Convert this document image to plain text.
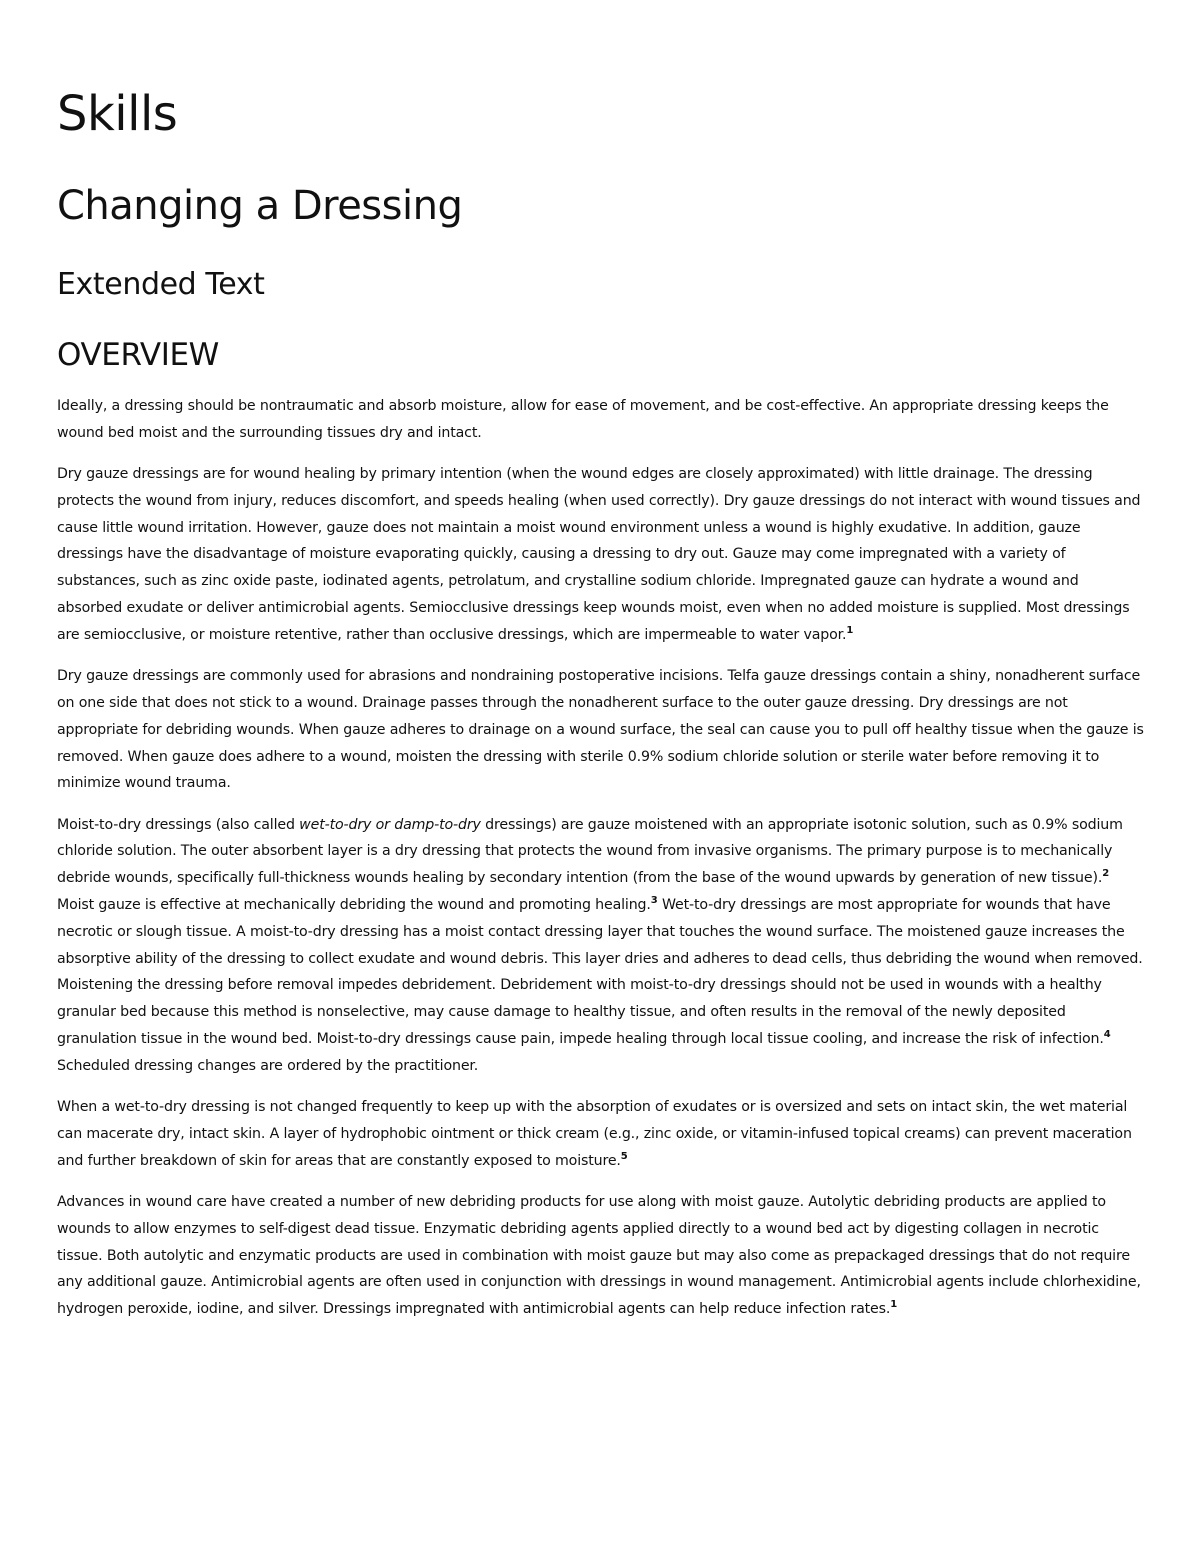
Skills
Changing a Dressing
Extended Text
OVERVIEW

Ideally, a dressing should be nontraumatic and absorb moisture, allow for ease of movement, and be cost-effective. An appropriate dressing keeps the wound bed moist and the surrounding tissues dry and intact.

Dry gauze dressings are for wound healing by primary intention (when the wound edges are closely approximated) with little drainage. The dressing protects the wound from injury, reduces discomfort, and speeds healing (when used correctly). Dry gauze dressings do not interact with wound tissues and cause little wound irritation. However, gauze does not maintain a moist wound environment unless a wound is highly exudative. In addition, gauze dressings have the disadvantage of moisture evaporating quickly, causing a dressing to dry out. Gauze may come impregnated with a variety of substances, such as zinc oxide paste, iodinated agents, petrolatum, and crystalline sodium chloride. Impregnated gauze can hydrate a wound and absorbed exudate or deliver antimicrobial agents. Semiocclusive dressings keep wounds moist, even when no added moisture is supplied. Most dressings are semiocclusive, or moisture retentive, rather than occlusive dressings, which are impermeable to water vapor.$^1$

Dry gauze dressings are commonly used for abrasions and nondraining postoperative incisions. Telfa gauze dressings contain a shiny, nonadherent surface on one side that does not stick to a wound. Drainage passes through the nonadherent surface to the outer gauze dressing. Dry dressings are not appropriate for debriding wounds. When gauze adheres to drainage on a wound surface, the seal can cause you to pull off healthy tissue when the gauze is removed. When gauze does adhere to a wound, moisten the dressing with sterile 0.9% sodium chloride solution or sterile water before removing it to minimize wound trauma.

Moist-to-dry dressings (also called wet-to-dry or damp-to-dry dressings) are gauze moistened with an appropriate isotonic solution, such as 0.9% sodium chloride solution. The outer absorbent layer is a dry dressing that protects the wound from invasive organisms. The primary purpose is to mechanically debride wounds, specifically full-thickness wounds healing by secondary intention (from the base of the wound upwards by generation of new tissue).$^2$ Moist gauze is effective at mechanically debriding the wound and promoting healing.$^3$ Wet-to-dry dressings are most appropriate for wounds that have necrotic or slough tissue. A moist-to-dry dressing has a moist contact dressing layer that touches the wound surface. The moistened gauze increases the absorptive ability of the dressing to collect exudate and wound debris. This layer dries and adheres to dead cells, thus debriding the wound when removed. Moistening the dressing before removal impedes debridement. Debridement with moist-to-dry dressings should not be used in wounds with a healthy granular bed because this method is nonselective, may cause damage to healthy tissue, and often results in the removal of the newly deposited granulation tissue in the wound bed. Moist-to-dry dressings cause pain, impede healing through local tissue cooling, and increase the risk of infection.$^4$ Scheduled dressing changes are ordered by the practitioner.

When a wet-to-dry dressing is not changed frequently to keep up with the absorption of exudates or is oversized and sets on intact skin, the wet material can macerate dry, intact skin. A layer of hydrophobic ointment or thick cream (e.g., zinc oxide, or vitamin-infused topical creams) can prevent maceration and further breakdown of skin for areas that are constantly exposed to moisture.$^5$

Advances in wound care have created a number of new debriding products for use along with moist gauze. Autolytic debriding products are applied to wounds to allow enzymes to self-digest dead tissue. Enzymatic debriding agents applied directly to a wound bed act by digesting collagen in necrotic tissue. Both autolytic and enzymatic products are used in combination with moist gauze but may also come as prepackaged dressings that do not require any additional gauze. Antimicrobial agents are often used in conjunction with dressings in wound management. Antimicrobial agents include chlorhexidine, hydrogen peroxide, iodine, and silver. Dressings impregnated with antimicrobial agents can help reduce infection rates.$^1$
